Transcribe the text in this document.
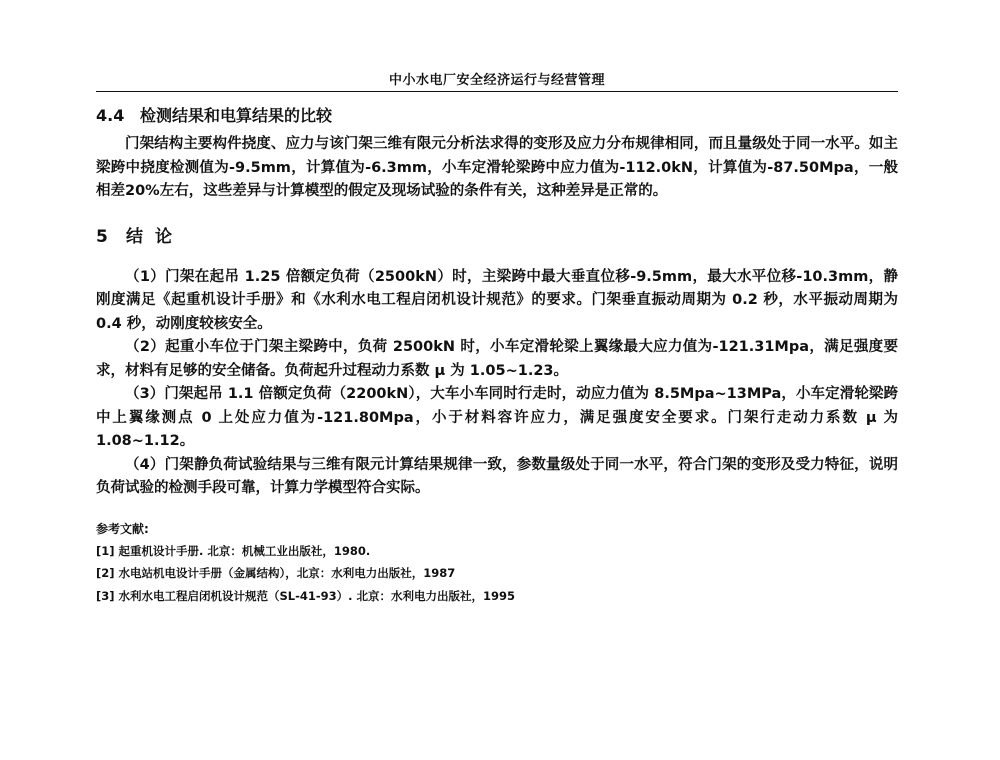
中小水电厂安全经济运行与经营管理
4.4 检测结果和电算结果的比较

门架结构主要构件挠度、应力与该门架三维有限元分析法求得的变形及应力分布规律相同，而且量级处于同一水平。如主梁跨中挠度检测值为-9.5mm，计算值为-6.3mm，小车定滑轮梁跨中应力值为-112.0kN，计算值为-87.50Mpa，一般相差20%左右，这些差异与计算模型的假定及现场试验的条件有关，这种差异是正常的。

5 结论

（1）门架在起吊 1.25 倍额定负荷（2500kN）时，主梁跨中最大垂直位移-9.5mm，最大水平位移-10.3mm，静刚度满足《起重机设计手册》和《水利水电工程启闭机设计规范》的要求。门架垂直振动周期为 0.2 秒，水平振动周期为 0.4 秒，动刚度较核安全。

（2）起重小车位于门架主梁跨中，负荷 2500kN 时，小车定滑轮梁上翼缘最大应力值为-121.31Mpa，满足强度要求，材料有足够的安全储备。负荷起升过程动力系数 μ 为 1.05~1.23。

（3）门架起吊 1.1 倍额定负荷（2200kN），大车小车同时行走时，动应力值为 8.5Mpa~13MPa，小车定滑轮梁跨中上翼缘测点 0 上处应力值为-121.80Mpa，小于材料容许应力，满足强度安全要求。门架行走动力系数 μ 为 1.08~1.12。

（4）门架静负荷试验结果与三维有限元计算结果规律一致，参数量级处于同一水平，符合门架的变形及受力特征，说明负荷试验的检测手段可靠，计算力学模型符合实际。

参考文献:
[1] 起重机设计手册. 北京：机械工业出版社，1980.
[2] 水电站机电设计手册（金属结构），北京：水利电力出版社，1987
[3] 水利水电工程启闭机设计规范（SL-41-93）. 北京：水利电力出版社，1995
